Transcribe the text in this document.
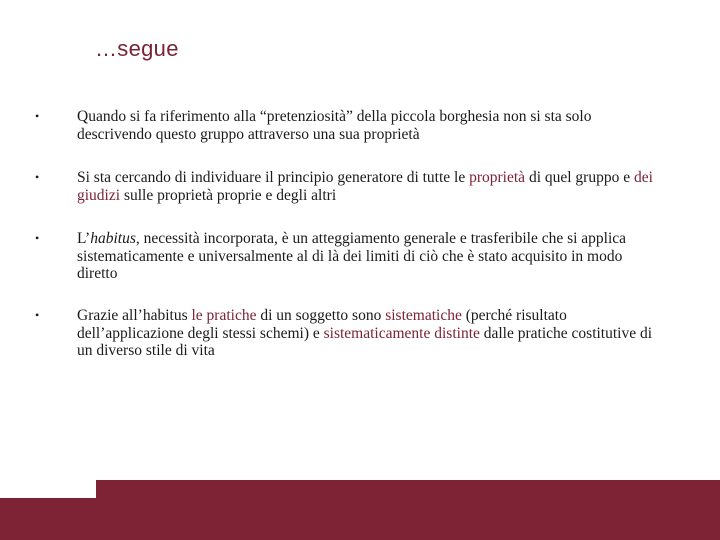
…segue
• Quando si fa riferimento alla “pretenziosità” della piccola borghesia non si sta solo descrivendo questo gruppo attraverso una sua proprietà
• Si sta cercando di individuare il principio generatore di tutte le proprietà di quel gruppo e dei giudizi sulle proprietà proprie e degli altri
• L’habitus, necessità incorporata, è un atteggiamento generale e trasferibile che si applica sistematicamente e universalmente al di là dei limiti di ciò che è stato acquisito in modo diretto
• Grazie all’habitus le pratiche di un soggetto sono sistematiche (perché risultato dell’applicazione degli stessi schemi) e sistematicamente distinte dalle pratiche costitutive di un diverso stile di vita
